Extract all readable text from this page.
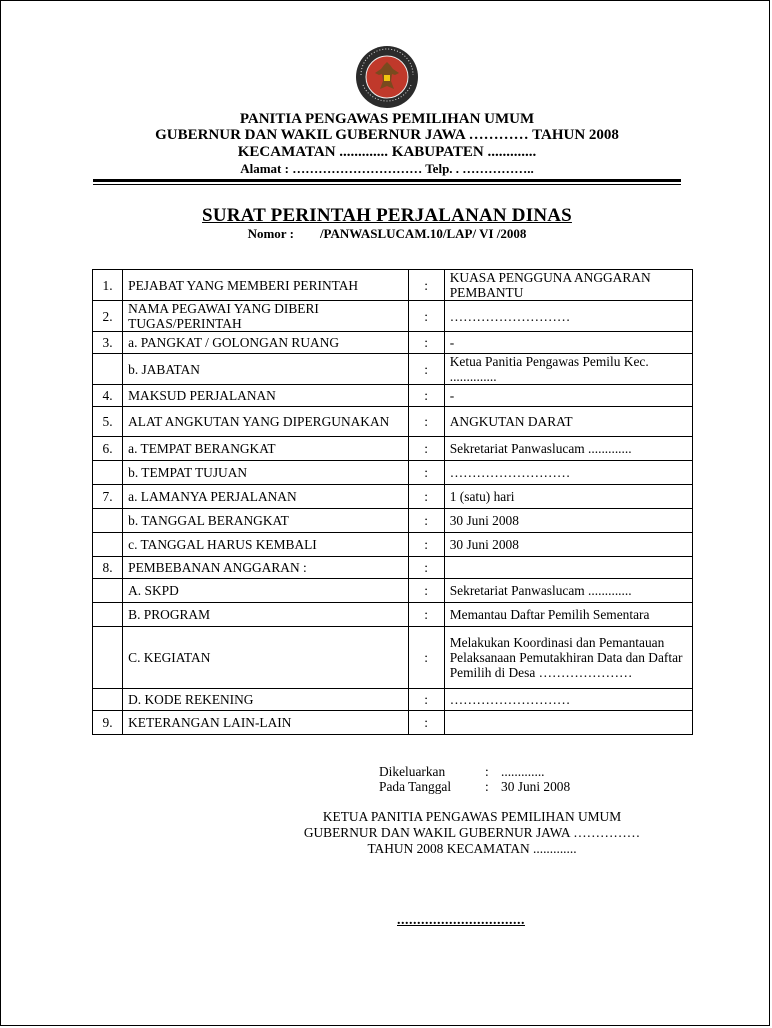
PANITIA PENGAWAS PEMILIHAN UMUM
GUBERNUR DAN WAKIL GUBERNUR JAWA ………… TAHUN 2008
KECAMATAN ............. KABUPATEN .............
Alamat : ………………………… Telp. . ……………..
SURAT PERINTAH PERJALANAN DINAS
Nomor : /PANWASLUCAM.10/LAP/ VI /2008
1.	PEJABAT YANG MEMBERI PERINTAH	:	KUASA PENGGUNA ANGGARAN PEMBANTU
2.	NAMA PEGAWAI YANG DIBERI TUGAS/PERINTAH	:	………………………
3.	a. PANGKAT / GOLONGAN RUANG	:	-
	b. JABATAN	:	Ketua Panitia Pengawas Pemilu Kec. ..............
4.	MAKSUD PERJALANAN	:	-
5.	ALAT ANGKUTAN YANG DIPERGUNAKAN	:	ANGKUTAN DARAT
6.	a. TEMPAT BERANGKAT	:	Sekretariat Panwaslucam .............
	b. TEMPAT TUJUAN	:	………………………
7.	a. LAMANYA PERJALANAN	:	1 (satu) hari
	b. TANGGAL BERANGKAT	:	30 Juni 2008
	c. TANGGAL HARUS KEMBALI	:	30 Juni 2008
8.	PEMBEBANAN ANGGARAN :	:	
	A. SKPD	:	Sekretariat Panwaslucam .............
	B. PROGRAM	:	Memantau Daftar Pemilih Sementara
	C. KEGIATAN	:	Melakukan Koordinasi dan Pemantauan Pelaksanaan Pemutakhiran Data dan Daftar Pemilih di Desa …………………
	D. KODE REKENING	:	………………………
9.	KETERANGAN LAIN-LAIN	:	
Dikeluarkan	: .............
Pada Tanggal	: 30 Juni 2008
KETUA PANITIA PENGAWAS PEMILIHAN UMUM
GUBERNUR DAN WAKIL GUBERNUR JAWA ……………
TAHUN 2008 KECAMATAN .............
................................
